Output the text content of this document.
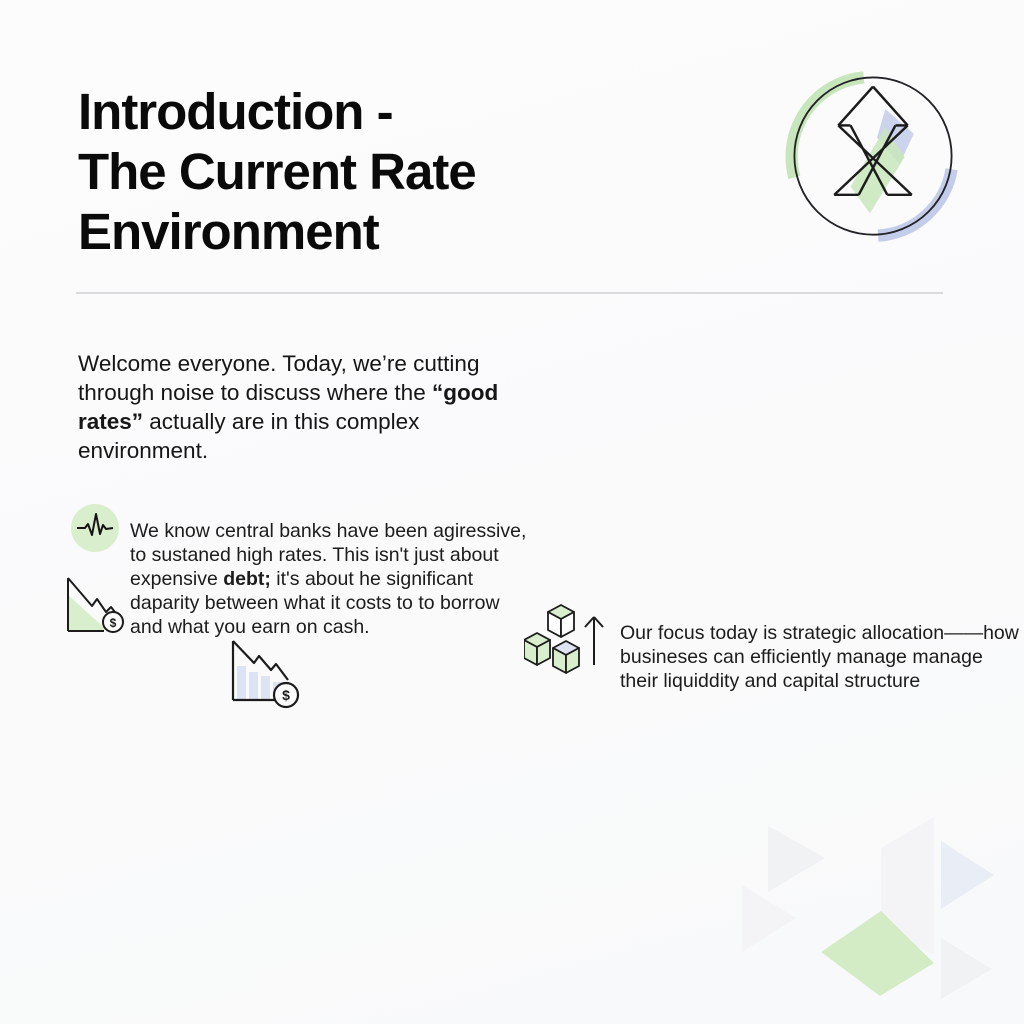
Introduction -
The Current Rate
Environment

Welcome everyone. Today, we’re cutting through noise to discuss where the “good rates” actually are in this complex environment.

We know central banks have been agiressive, to sustaned high rates. This isn't just about expensive debt; it's about he significant daparity between what it costs to to borrow and what you earn on cash.

$
$

Our focus today is strategic allocation——how busineses can efficiently manage manage their liquiddity and capital structure
